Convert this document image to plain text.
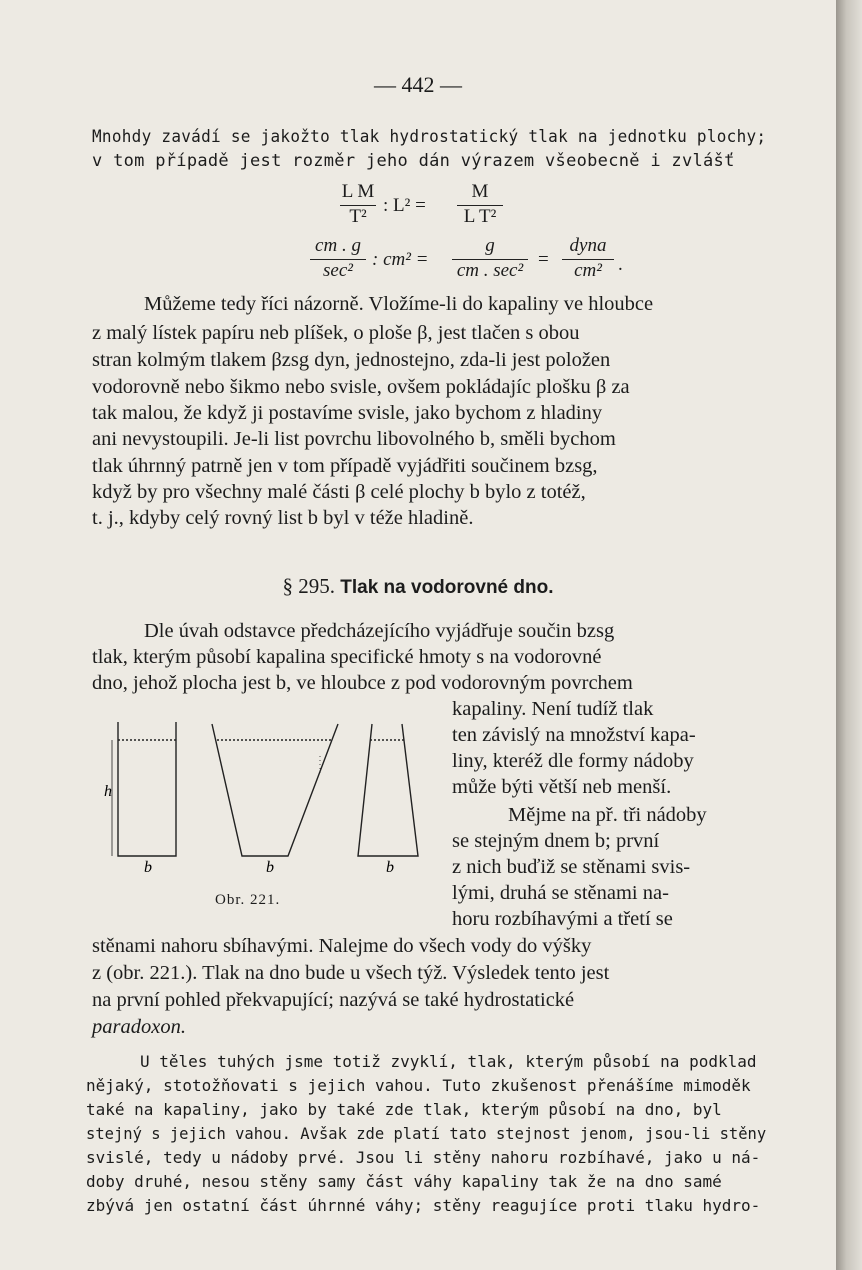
— 442 —
Mnohdy zavádí se jakožto tlak hydrostatický tlak na jednotku plochy;
v tom případě jest rozměr jeho dán výrazem všeobecně i zvlášť
L M
T²
: L² =
M
L T²
cm . g
sec²
: cm² =
g
cm . sec²
=
dyna
cm² .
Můžeme tedy říci názorně. Vložíme-li do kapaliny ve hloubce
z malý lístek papíru neb plíšek, o ploše β, jest tlačen s obou
stran kolmým tlakem βzsg dyn, jednostejno, zda-li jest položen
vodorovně nebo šikmo nebo svisle, ovšem pokládajíc plošku β za
tak malou, že když ji postavíme svisle, jako bychom z hladiny
ani nevystoupili. Je-li list povrchu libovolného b, směli bychom
tlak úhrnný patrně jen v tom případě vyjádřiti součinem bzsg,
když by pro všechny malé části β celé plochy b bylo z totéž,
t. j., kdyby celý rovný list b byl v téže hladině.
§ 295. Tlak na vodorovné dno.
Dle úvah odstavce předcházejícího vyjádřuje součin bzsg
tlak, kterým působí kapalina specifické hmoty s na vodorovné
dno, jehož plocha jest b, ve hloubce z pod vodorovným povrchem
kapaliny. Není tudíž tlak
ten závislý na množství kapa-
liny, kteréž dle formy nádoby
může býti větší neb menší.
Mějme na př. tři nádoby
se stejným dnem b; první
z nich buďiž se stěnami svis-
lými, druhá se stěnami na-
horu rozbíhavými a třetí se
stěnami nahoru sbíhavými. Nalejme do všech vody do výšky
z (obr. 221.). Tlak na dno bude u všech týž. Výsledek tento jest
na první pohled překvapující; nazývá se také hydrostatické
paradoxon.
h
b	b	b
Obr. 221.
U těles tuhých jsme totiž zvyklí, tlak, kterým působí na podklad
nějaký, stotožňovati s jejich vahou. Tuto zkušenost přenášíme mimoděk
také na kapaliny, jako by také zde tlak, kterým působí na dno, byl
stejný s jejich vahou. Avšak zde platí tato stejnost jenom, jsou-li stěny
svislé, tedy u nádoby prvé. Jsou li stěny nahoru rozbíhavé, jako u ná-
doby druhé, nesou stěny samy část váhy kapaliny tak že na dno samé
zbývá jen ostatní část úhrnné váhy; stěny reagujíce proti tlaku hydro-
